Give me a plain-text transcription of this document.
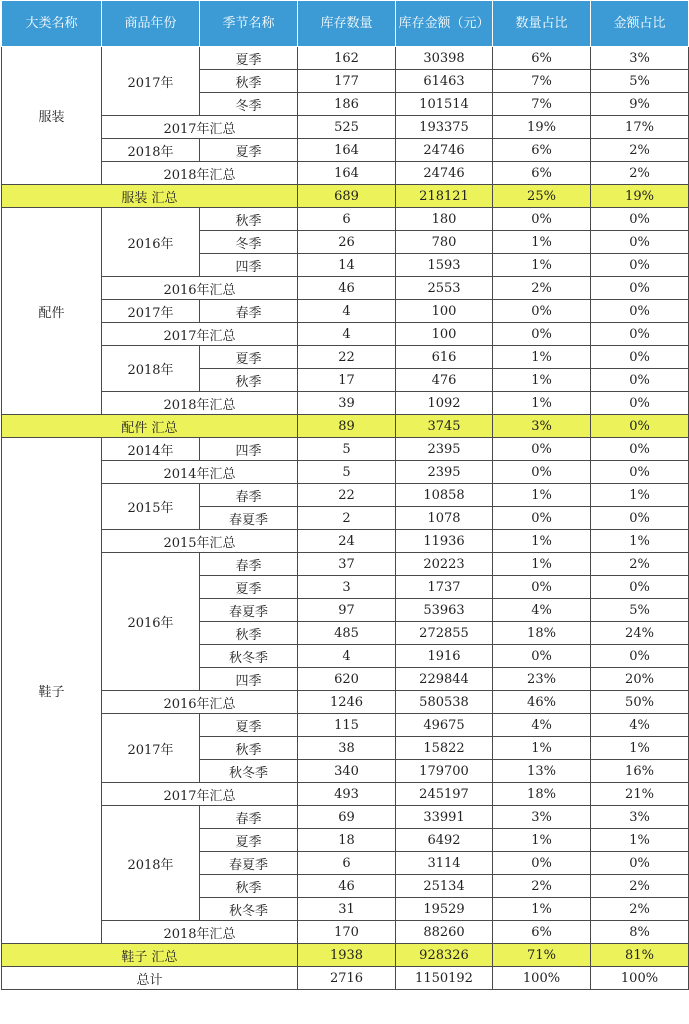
大类名称	商品年份	季节名称	库存数量	库存金额（元）	数量占比	金额占比
服装	2017年	夏季	162	30398	6%	3%
		秋季	177	61463	7%	5%
		冬季	186	101514	7%	9%
	2017年汇总		525	193375	19%	17%
	2018年	夏季	164	24746	6%	2%
	2018年汇总		164	24746	6%	2%
服装 汇总			689	218121	25%	19%
配件	2016年	秋季	6	180	0%	0%
		冬季	26	780	1%	0%
		四季	14	1593	1%	0%
	2016年汇总		46	2553	2%	0%
	2017年	春季	4	100	0%	0%
	2017年汇总		4	100	0%	0%
	2018年	夏季	22	616	1%	0%
		秋季	17	476	1%	0%
	2018年汇总		39	1092	1%	0%
配件 汇总			89	3745	3%	0%
鞋子	2014年	四季	5	2395	0%	0%
	2014年汇总		5	2395	0%	0%
	2015年	春季	22	10858	1%	1%
		春夏季	2	1078	0%	0%
	2015年汇总		24	11936	1%	1%
	2016年	春季	37	20223	1%	2%
		夏季	3	1737	0%	0%
		春夏季	97	53963	4%	5%
		秋季	485	272855	18%	24%
		秋冬季	4	1916	0%	0%
		四季	620	229844	23%	20%
	2016年汇总		1246	580538	46%	50%
	2017年	夏季	115	49675	4%	4%
		秋季	38	15822	1%	1%
		秋冬季	340	179700	13%	16%
	2017年汇总		493	245197	18%	21%
	2018年	春季	69	33991	3%	3%
		夏季	18	6492	1%	1%
		春夏季	6	3114	0%	0%
		秋季	46	25134	2%	2%
		秋冬季	31	19529	1%	2%
	2018年汇总		170	88260	6%	8%
鞋子 汇总			1938	928326	71%	81%
总计			2716	1150192	100%	100%
